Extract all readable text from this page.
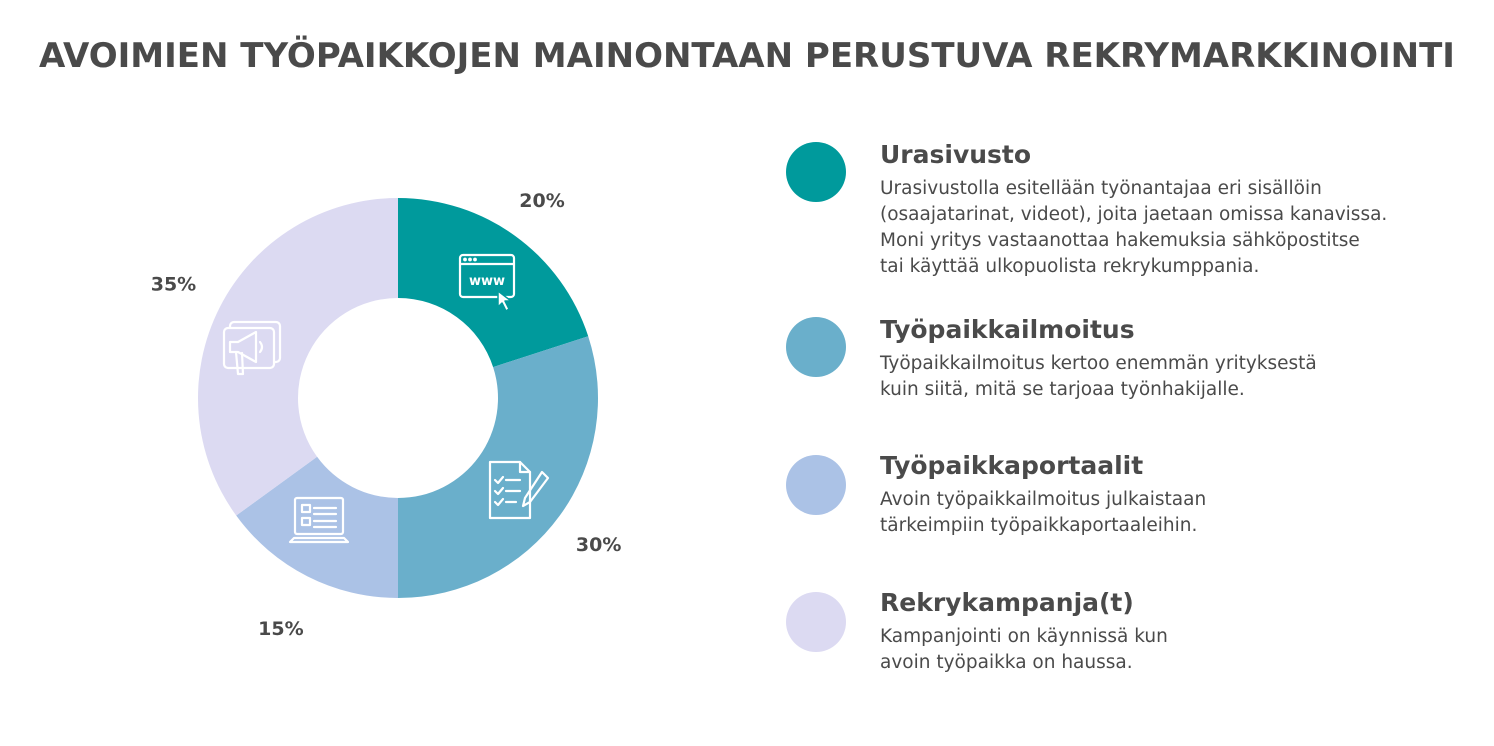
AVOIMIEN TYÖPAIKKOJEN MAINONTAAN PERUSTUVA REKRYMARKKINOINTI
20%
30%
15%
35%	www
Urasivusto
Urasivustolla esitellään työnantajaa eri sisällöin
(osaajatarinat, videot), joita jaetaan omissa kanavissa.
Moni yritys vastaanottaa hakemuksia sähköpostitse
tai käyttää ulkopuolista rekrykumppania.
Työpaikkailmoitus
Työpaikkailmoitus kertoo enemmän yrityksestä
kuin siitä, mitä se tarjoaa työnhakijalle.
Työpaikkaportaalit
Avoin työpaikkailmoitus julkaistaan
tärkeimpiin työpaikkaportaaleihin.
Rekrykampanja(t)
Kampanjointi on käynnissä kun
avoin työpaikka on haussa.
